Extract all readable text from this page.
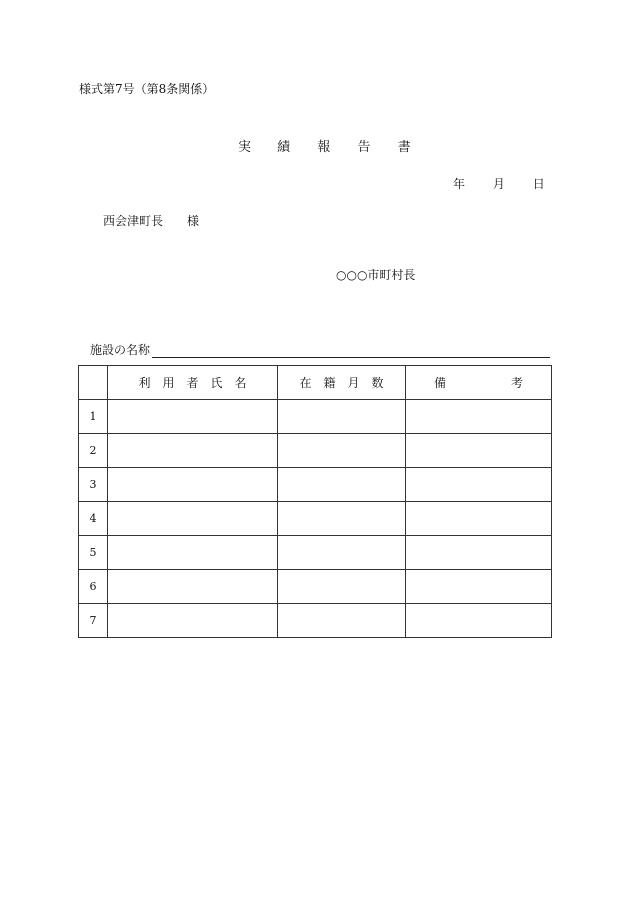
様式第7号（第8条関係）
実 績 報 告 書
年 月 日
西会津町長　　様
○○○市町村長
施設の名称
	利　用　者　氏　名	在　籍　月　数	備 考

1			
2			
3			
4			
5			
6			
7			
